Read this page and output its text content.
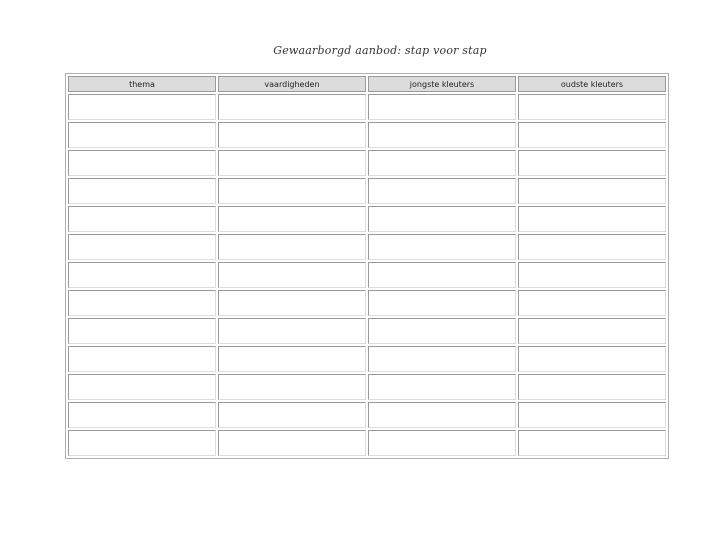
Gewaarborgd aanbod: stap voor stap
thema	vaardigheden	jongste kleuters	oudste kleuters
